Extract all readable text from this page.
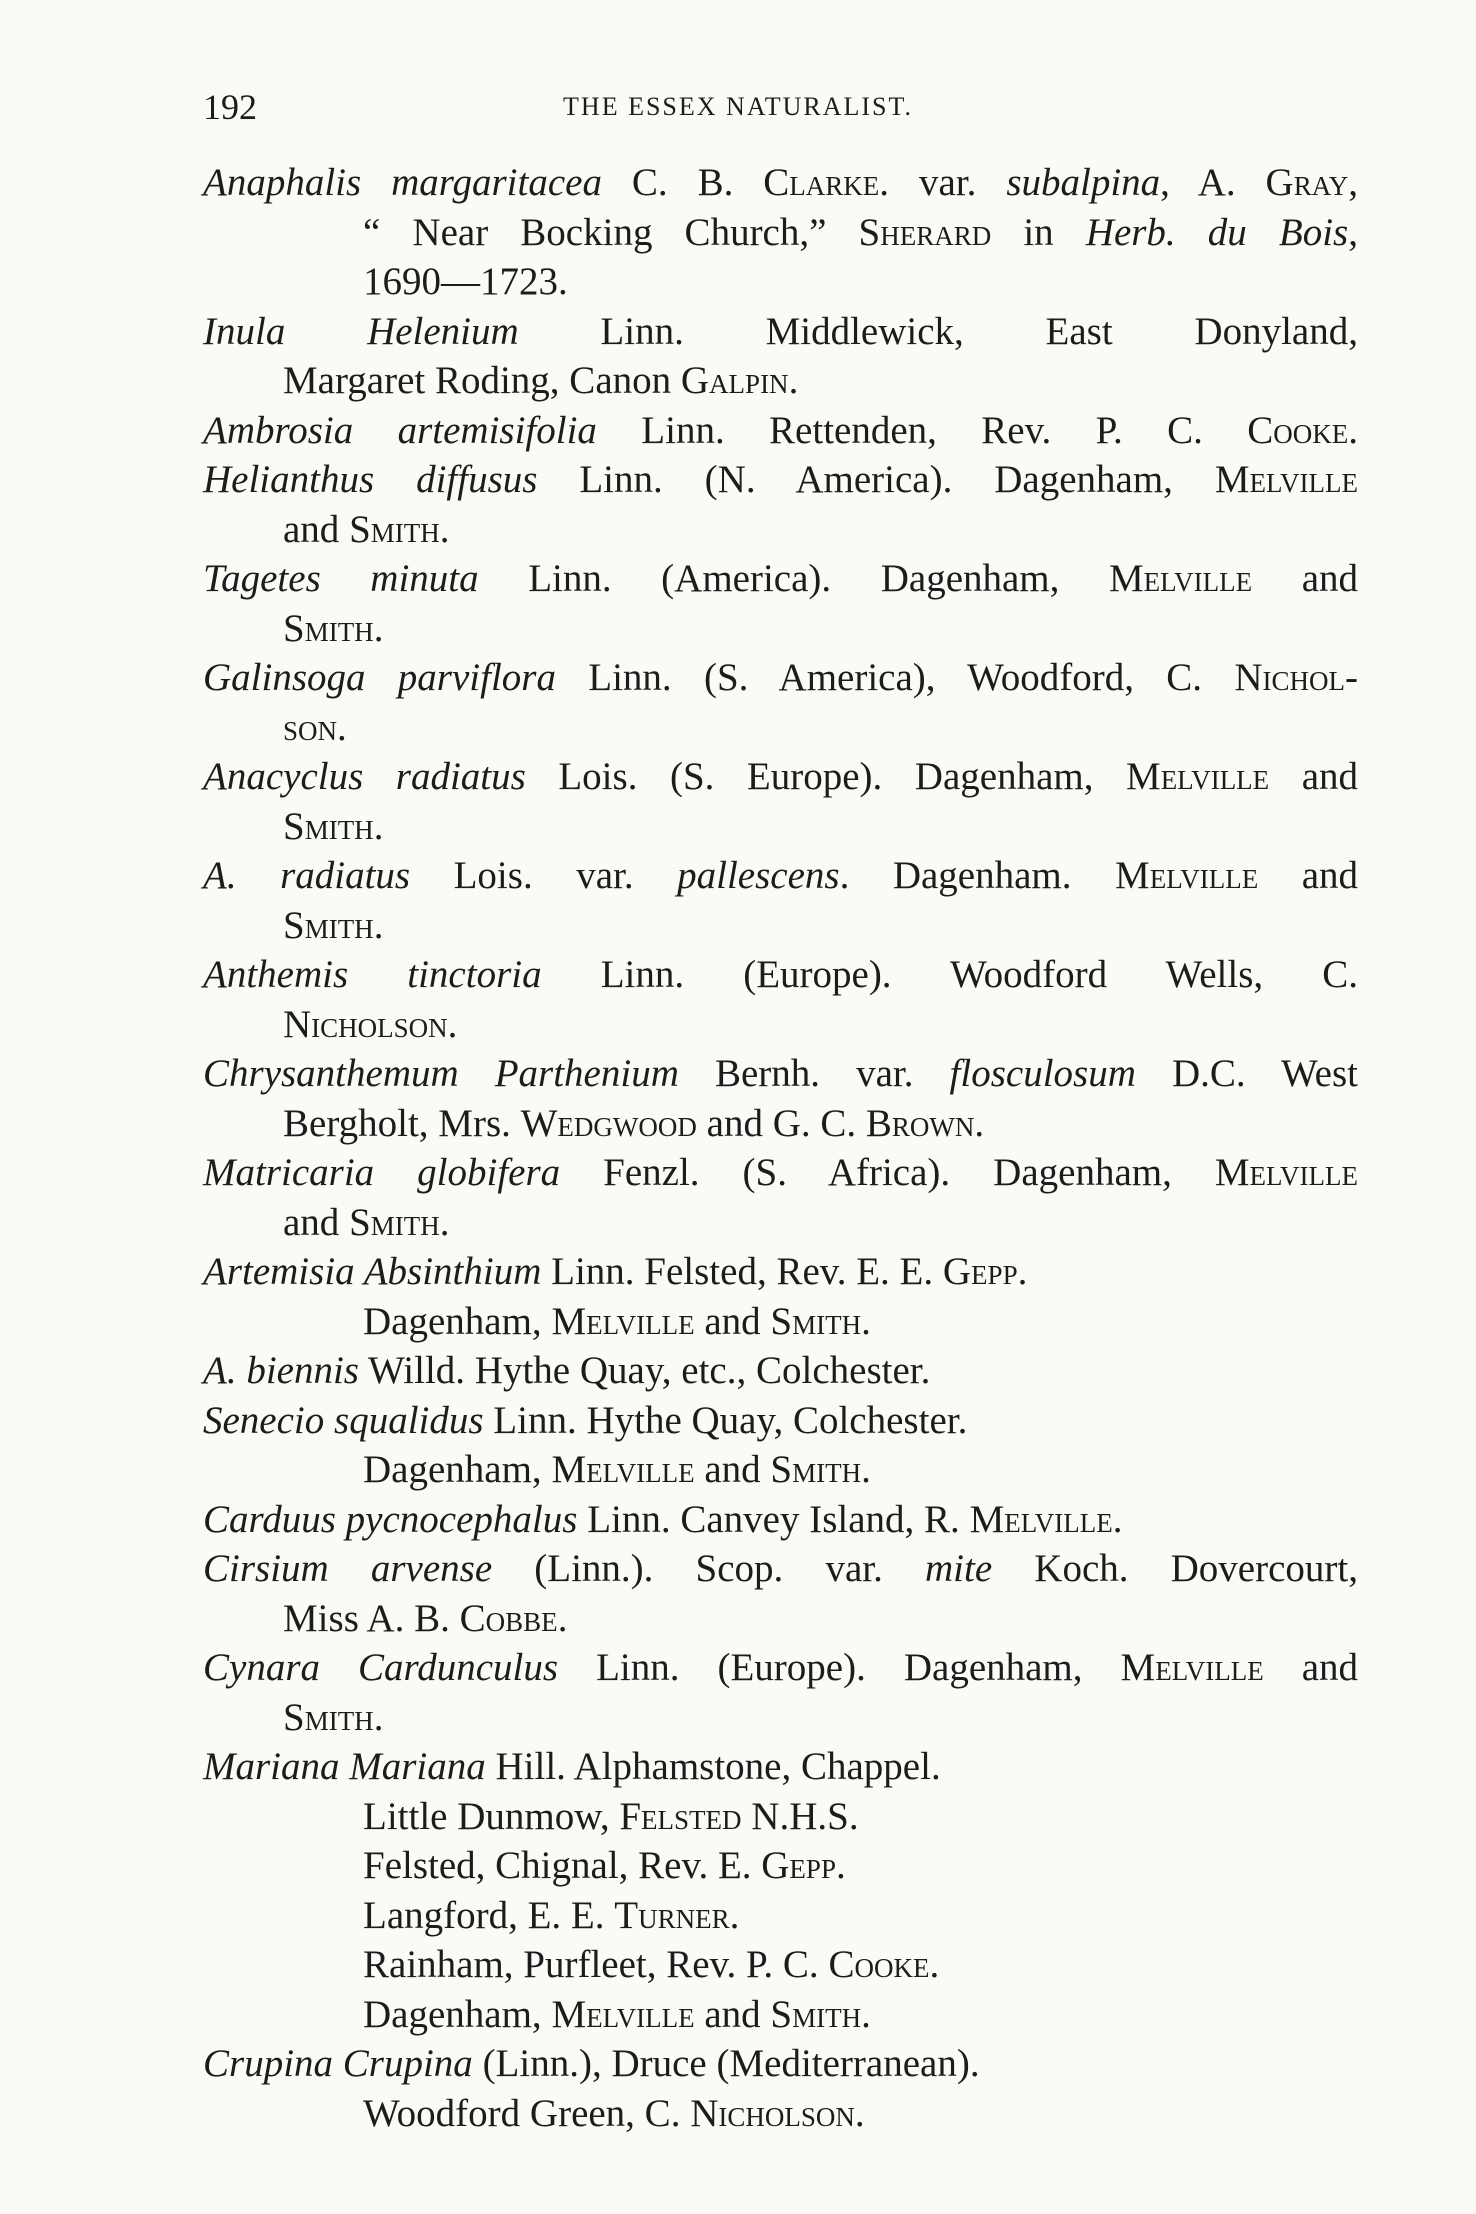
192	THE ESSEX NATURALIST.
Anaphalis margaritacea C. B. Clarke. var. subalpina, A. Gray,
“ Near Bocking Church,” Sherard in Herb. du Bois,
1690—1723.
Inula Helenium Linn. Middlewick, East Donyland,
Margaret Roding, Canon Galpin.
Ambrosia artemisifolia Linn. Rettenden, Rev. P. C. Cooke.
Helianthus diffusus Linn. (N. America). Dagenham, Melville
and Smith.
Tagetes minuta Linn. (America). Dagenham, Melville and
Smith.
Galinsoga parviflora Linn. (S. America), Woodford, C. Nichol-
son.
Anacyclus radiatus Lois. (S. Europe). Dagenham, Melville and
Smith.
A. radiatus Lois. var. pallescens. Dagenham. Melville and
Smith.
Anthemis tinctoria Linn. (Europe). Woodford Wells, C.
Nicholson.
Chrysanthemum Parthenium Bernh. var. flosculosum D.C. West
Bergholt, Mrs. Wedgwood and G. C. Brown.
Matricaria globifera Fenzl. (S. Africa). Dagenham, Melville
and Smith.
Artemisia Absinthium Linn. Felsted, Rev. E. E. Gepp.
Dagenham, Melville and Smith.
A. biennis Willd. Hythe Quay, etc., Colchester.
Senecio squalidus Linn. Hythe Quay, Colchester.
Dagenham, Melville and Smith.
Carduus pycnocephalus Linn. Canvey Island, R. Melville.
Cirsium arvense (Linn.). Scop. var. mite Koch. Dovercourt,
Miss A. B. Cobbe.
Cynara Cardunculus Linn. (Europe). Dagenham, Melville and
Smith.
Mariana Mariana Hill. Alphamstone, Chappel.
Little Dunmow, Felsted N.H.S.
Felsted, Chignal, Rev. E. Gepp.
Langford, E. E. Turner.
Rainham, Purfleet, Rev. P. C. Cooke.
Dagenham, Melville and Smith.
Crupina Crupina (Linn.), Druce (Mediterranean).
Woodford Green, C. Nicholson.
